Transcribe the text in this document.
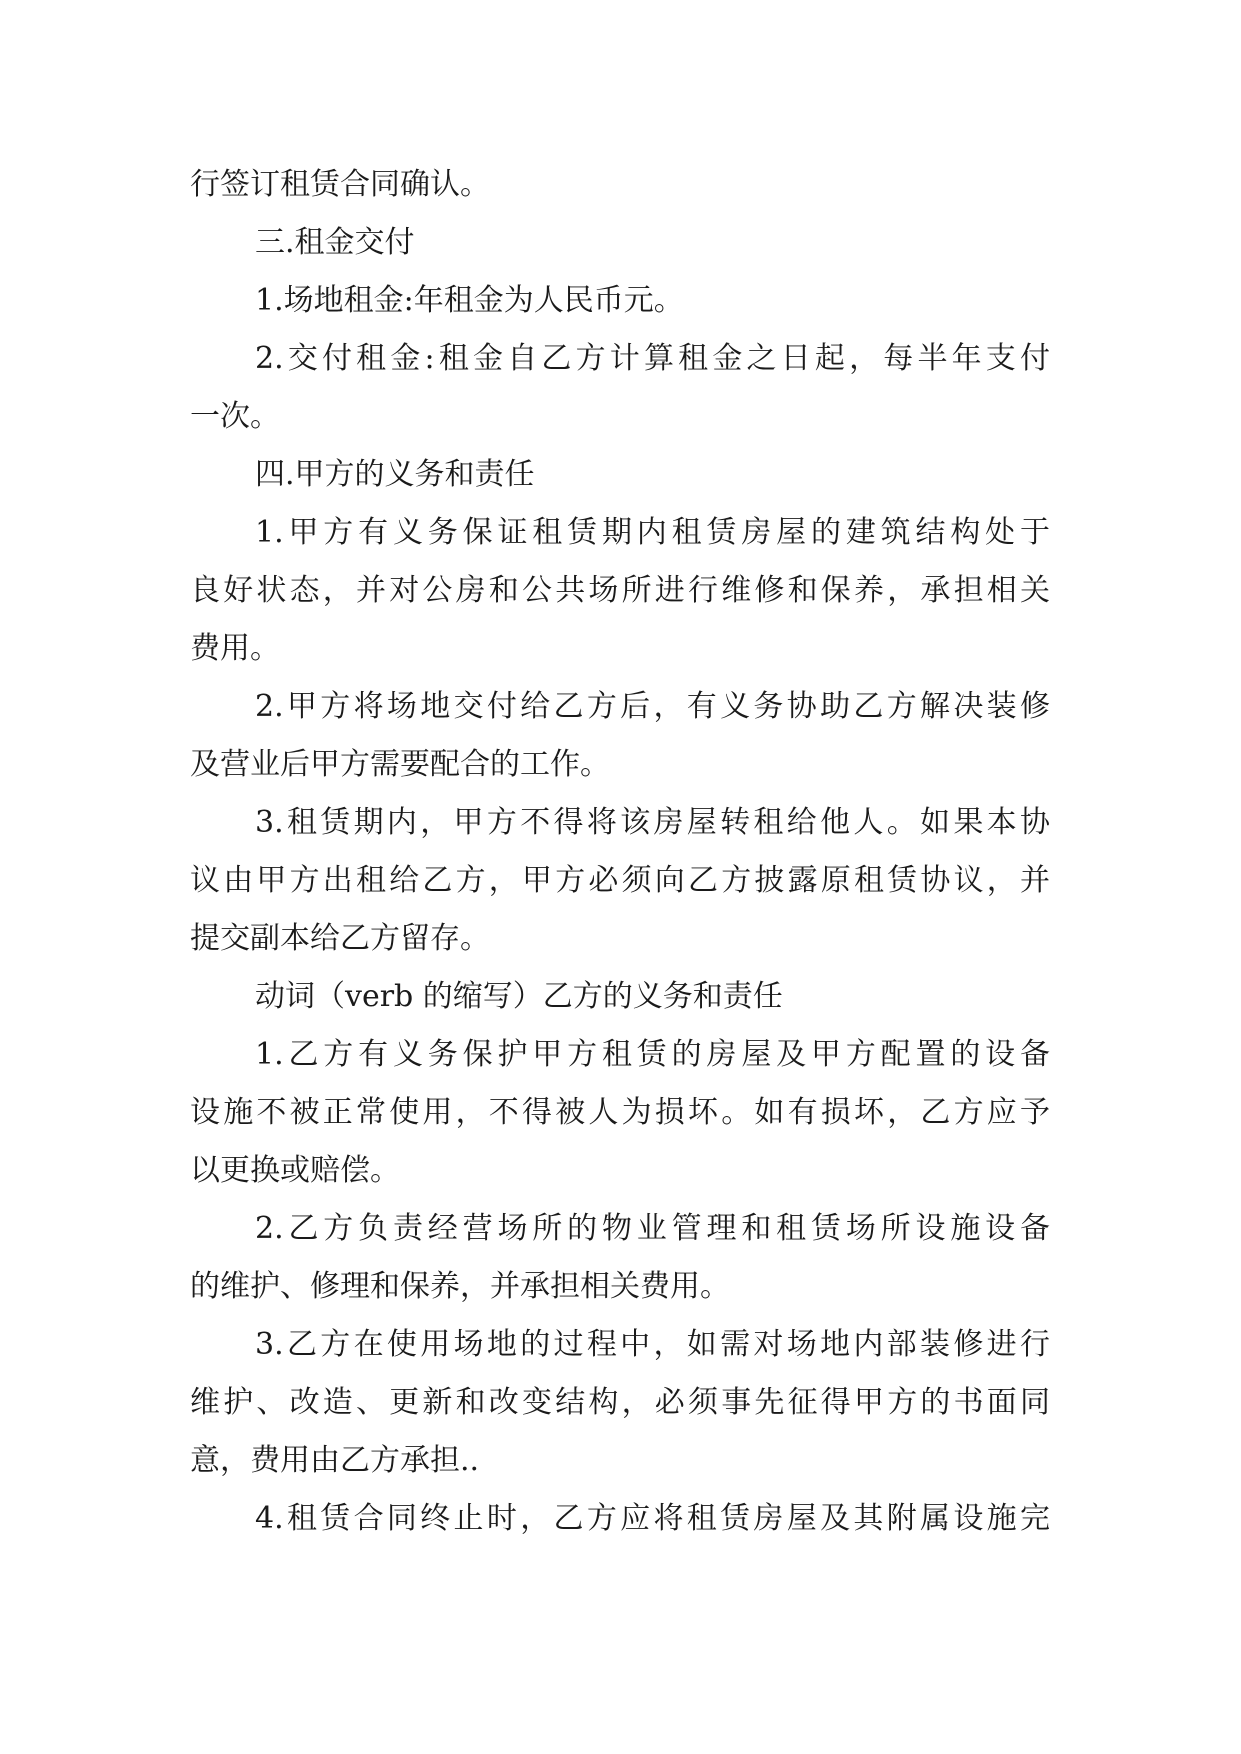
行签订租赁合同确认。
三.租金交付
1.场地租金:年租金为人民币元。
2.交付租金:租金自乙方计算租金之日起，每半年支付
一次。
四.甲方的义务和责任
1.甲方有义务保证租赁期内租赁房屋的建筑结构处于
良好状态，并对公房和公共场所进行维修和保养，承担相关
费用。
2.甲方将场地交付给乙方后，有义务协助乙方解决装修
及营业后甲方需要配合的工作。
3.租赁期内，甲方不得将该房屋转租给他人。如果本协
议由甲方出租给乙方，甲方必须向乙方披露原租赁协议，并
提交副本给乙方留存。
动词（verb 的缩写）乙方的义务和责任
1.乙方有义务保护甲方租赁的房屋及甲方配置的设备
设施不被正常使用，不得被人为损坏。如有损坏，乙方应予
以更换或赔偿。
2.乙方负责经营场所的物业管理和租赁场所设施设备
的维护、修理和保养，并承担相关费用。
3.乙方在使用场地的过程中，如需对场地内部装修进行
维护、改造、更新和改变结构，必须事先征得甲方的书面同
意，费用由乙方承担..
4.租赁合同终止时，乙方应将租赁房屋及其附属设施完
